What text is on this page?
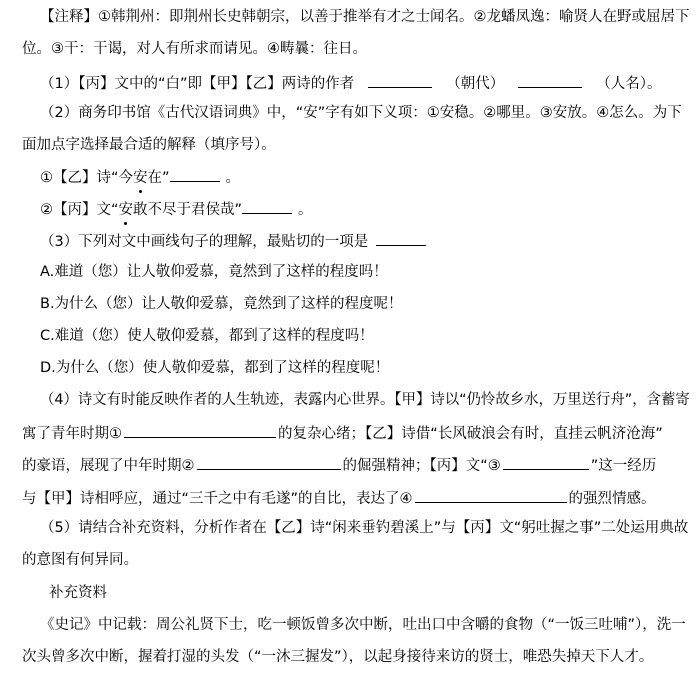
【注释】①韩荆州：即荆州长史韩朝宗，以善于推举有才之士闻名。②龙蟠凤逸：喻贤人在野或屈居下
位。③干：干谒，对人有所求而请见。④畴曩：往日。
（1）【丙】文中的“白”即【甲】【乙】两诗的作者	（朝代）	（人名）。
（2）商务印书馆《古代汉语词典》中，“安”字有如下义项：①安稳。②哪里。③安放。④怎么。为下
面加点字选择最合适的解释（填序号）。
①【乙】诗“今安在”	。
②【丙】文“安敢不尽于君侯哉”	。
（3）下列对文中画线句子的理解，最贴切的一项是
A.难道（您）让人敬仰爱慕，竟然到了这样的程度吗！
B.为什么（您）让人敬仰爱慕，竟然到了这样的程度呢！
C.难道（您）使人敬仰爱慕，都到了这样的程度吗！
D.为什么（您）使人敬仰爱慕，都到了这样的程度呢！
（4）诗文有时能反映作者的人生轨迹，表露内心世界。【甲】诗以“仍怜故乡水，万里送行舟”，含蓄寄
寓了青年时期①	的复杂心绪；【乙】诗借“长风破浪会有时，直挂云帆济沧海”
的豪语，展现了中年时期②	的倔强精神；【丙】文“③	”这一经历
与【甲】诗相呼应，通过“三千之中有毛遂”的自比，表达了④	的强烈情感。
（5）请结合补充资料，分析作者在【乙】诗“闲来垂钓碧溪上”与【丙】文“躬吐握之事”二处运用典故
的意图有何异同。
补充资料
《史记》中记载：周公礼贤下士，吃一顿饭曾多次中断，吐出口中含嚼的食物（“一饭三吐哺”），洗一
次头曾多次中断，握着打湿的头发（“一沐三握发”），以起身接待来访的贤士，唯恐失掉天下人才。
